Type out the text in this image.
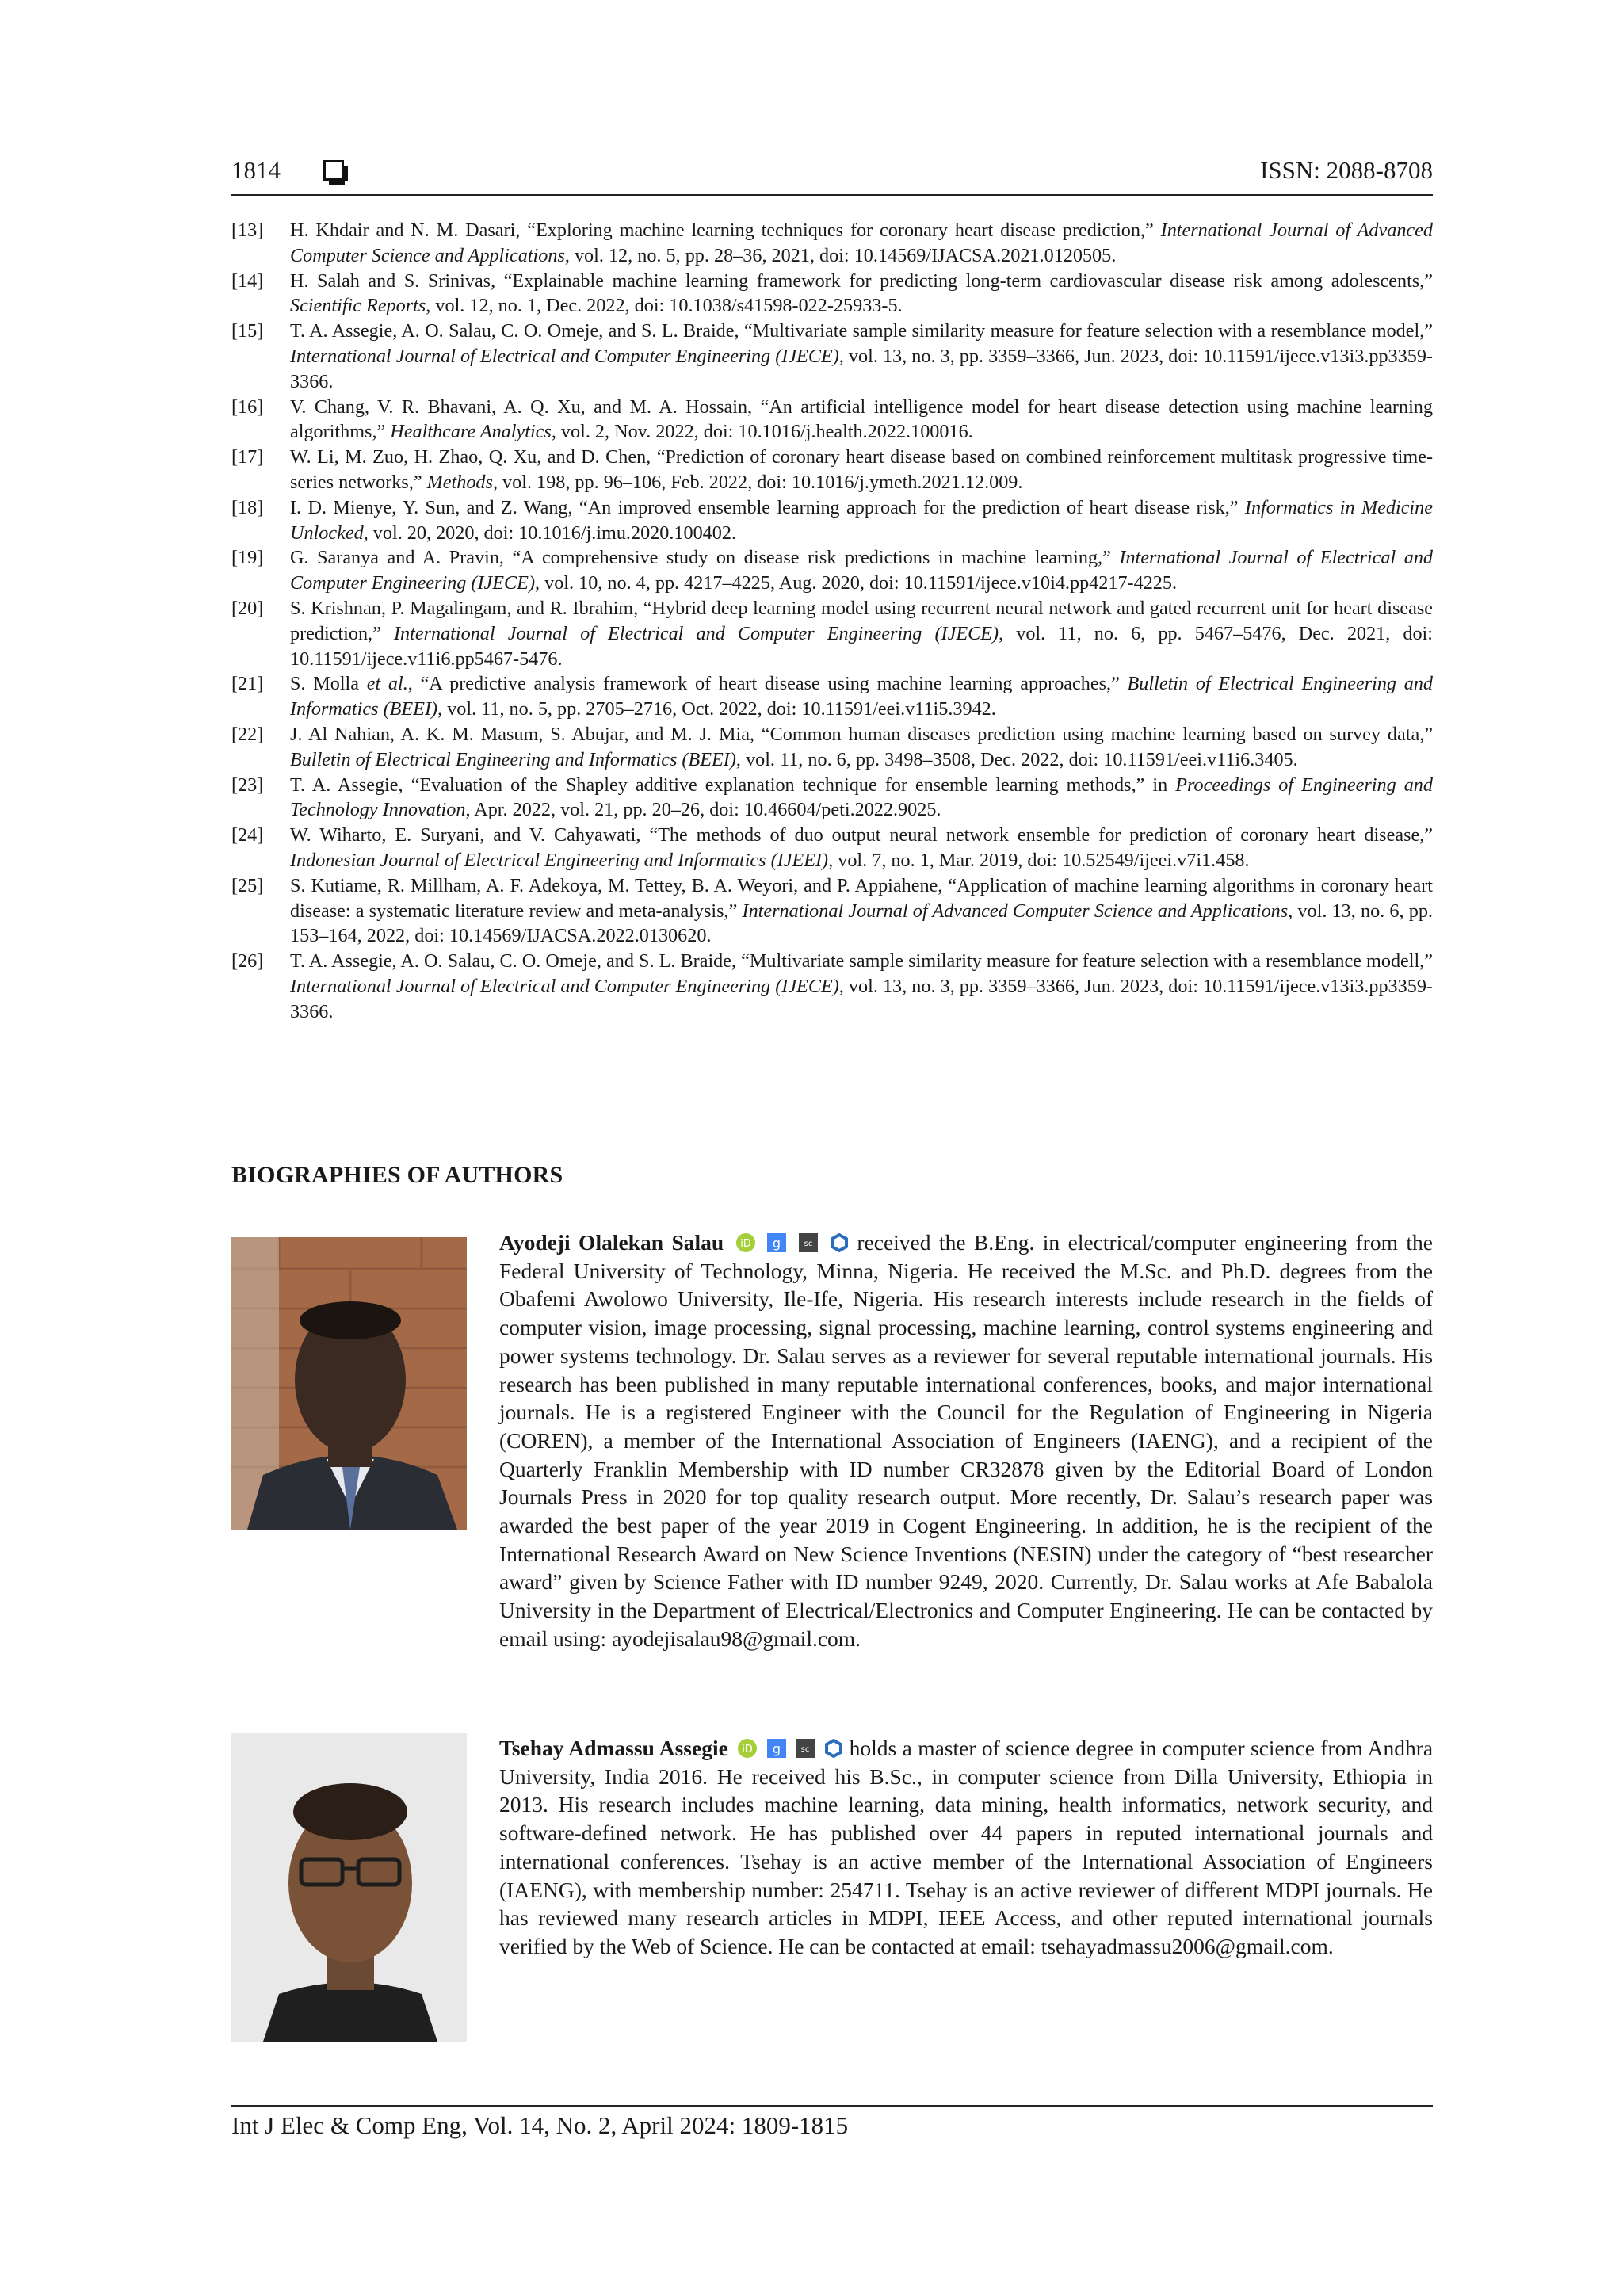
1814	ISSN: 2088-8708
[13]	H. Khdair and N. M. Dasari, “Exploring machine learning techniques for coronary heart disease prediction,” International Journal of Advanced Computer Science and Applications, vol. 12, no. 5, pp. 28–36, 2021, doi: 10.14569/IJACSA.2021.0120505.
[14]	H. Salah and S. Srinivas, “Explainable machine learning framework for predicting long-term cardiovascular disease risk among adolescents,” Scientific Reports, vol. 12, no. 1, Dec. 2022, doi: 10.1038/s41598-022-25933-5.
[15]	T. A. Assegie, A. O. Salau, C. O. Omeje, and S. L. Braide, “Multivariate sample similarity measure for feature selection with a resemblance model,” International Journal of Electrical and Computer Engineering (IJECE), vol. 13, no. 3, pp. 3359–3366, Jun. 2023, doi: 10.11591/ijece.v13i3.pp3359-3366.
[16]	V. Chang, V. R. Bhavani, A. Q. Xu, and M. A. Hossain, “An artificial intelligence model for heart disease detection using machine learning algorithms,” Healthcare Analytics, vol. 2, Nov. 2022, doi: 10.1016/j.health.2022.100016.
[17]	W. Li, M. Zuo, H. Zhao, Q. Xu, and D. Chen, “Prediction of coronary heart disease based on combined reinforcement multitask progressive time-series networks,” Methods, vol. 198, pp. 96–106, Feb. 2022, doi: 10.1016/j.ymeth.2021.12.009.
[18]	I. D. Mienye, Y. Sun, and Z. Wang, “An improved ensemble learning approach for the prediction of heart disease risk,” Informatics in Medicine Unlocked, vol. 20, 2020, doi: 10.1016/j.imu.2020.100402.
[19]	G. Saranya and A. Pravin, “A comprehensive study on disease risk predictions in machine learning,” International Journal of Electrical and Computer Engineering (IJECE), vol. 10, no. 4, pp. 4217–4225, Aug. 2020, doi: 10.11591/ijece.v10i4.pp4217-4225.
[20]	S. Krishnan, P. Magalingam, and R. Ibrahim, “Hybrid deep learning model using recurrent neural network and gated recurrent unit for heart disease prediction,” International Journal of Electrical and Computer Engineering (IJECE), vol. 11, no. 6, pp. 5467–5476, Dec. 2021, doi: 10.11591/ijece.v11i6.pp5467-5476.
[21]	S. Molla et al., “A predictive analysis framework of heart disease using machine learning approaches,” Bulletin of Electrical Engineering and Informatics (BEEI), vol. 11, no. 5, pp. 2705–2716, Oct. 2022, doi: 10.11591/eei.v11i5.3942.
[22]	J. Al Nahian, A. K. M. Masum, S. Abujar, and M. J. Mia, “Common human diseases prediction using machine learning based on survey data,” Bulletin of Electrical Engineering and Informatics (BEEI), vol. 11, no. 6, pp. 3498–3508, Dec. 2022, doi: 10.11591/eei.v11i6.3405.
[23]	T. A. Assegie, “Evaluation of the Shapley additive explanation technique for ensemble learning methods,” in Proceedings of Engineering and Technology Innovation, Apr. 2022, vol. 21, pp. 20–26, doi: 10.46604/peti.2022.9025.
[24]	W. Wiharto, E. Suryani, and V. Cahyawati, “The methods of duo output neural network ensemble for prediction of coronary heart disease,” Indonesian Journal of Electrical Engineering and Informatics (IJEEI), vol. 7, no. 1, Mar. 2019, doi: 10.52549/ijeei.v7i1.458.
[25]	S. Kutiame, R. Millham, A. F. Adekoya, M. Tettey, B. A. Weyori, and P. Appiahene, “Application of machine learning algorithms in coronary heart disease: a systematic literature review and meta-analysis,” International Journal of Advanced Computer Science and Applications, vol. 13, no. 6, pp. 153–164, 2022, doi: 10.14569/IJACSA.2022.0130620.
[26]	T. A. Assegie, A. O. Salau, C. O. Omeje, and S. L. Braide, “Multivariate sample similarity measure for feature selection with a resemblance modell,” International Journal of Electrical and Computer Engineering (IJECE), vol. 13, no. 3, pp. 3359–3366, Jun. 2023, doi: 10.11591/ijece.v13i3.pp3359-3366.
BIOGRAPHIES OF AUTHORS
Ayodeji Olalekan Salau iD
g
	sc received the B.Eng. in electrical/computer engineering from the Federal University of Technology, Minna, Nigeria. He received the M.Sc. and Ph.D. degrees from the Obafemi Awolowo University, Ile-Ife, Nigeria. His research interests include research in the fields of computer vision, image processing, signal processing, machine learning, control systems engineering and power systems technology. Dr. Salau serves as a reviewer for several reputable international journals. His research has been published in many reputable international conferences, books, and major international journals. He is a registered Engineer with the Council for the Regulation of Engineering in Nigeria (COREN), a member of the International Association of Engineers (IAENG), and a recipient of the Quarterly Franklin Membership with ID number CR32878 given by the Editorial Board of London Journals Press in 2020 for top quality research output. More recently, Dr. Salau’s research paper was awarded the best paper of the year 2019 in Cogent Engineering. In addition, he is the recipient of the International Research Award on New Science Inventions (NESIN) under the category of “best researcher award” given by Science Father with ID number 9249, 2020. Currently, Dr. Salau works at Afe Babalola University in the Department of Electrical/Electronics and Computer Engineering. He can be contacted by email using: ayodejisalau98@gmail.com.
Tsehay Admassu Assegie iD
g
	sc holds a master of science degree in computer science from Andhra University, India 2016. He received his B.Sc., in computer science from Dilla University, Ethiopia in 2013. His research includes machine learning, data mining, health informatics, network security, and software-defined network. He has published over 44 papers in reputed international journals and international conferences. Tsehay is an active member of the International Association of Engineers (IAENG), with membership number: 254711. Tsehay is an active reviewer of different MDPI journals. He has reviewed many research articles in MDPI, IEEE Access, and other reputed international journals verified by the Web of Science. He can be contacted at email: tsehayadmassu2006@gmail.com.
Int J Elec & Comp Eng, Vol. 14, No. 2, April 2024: 1809-1815
